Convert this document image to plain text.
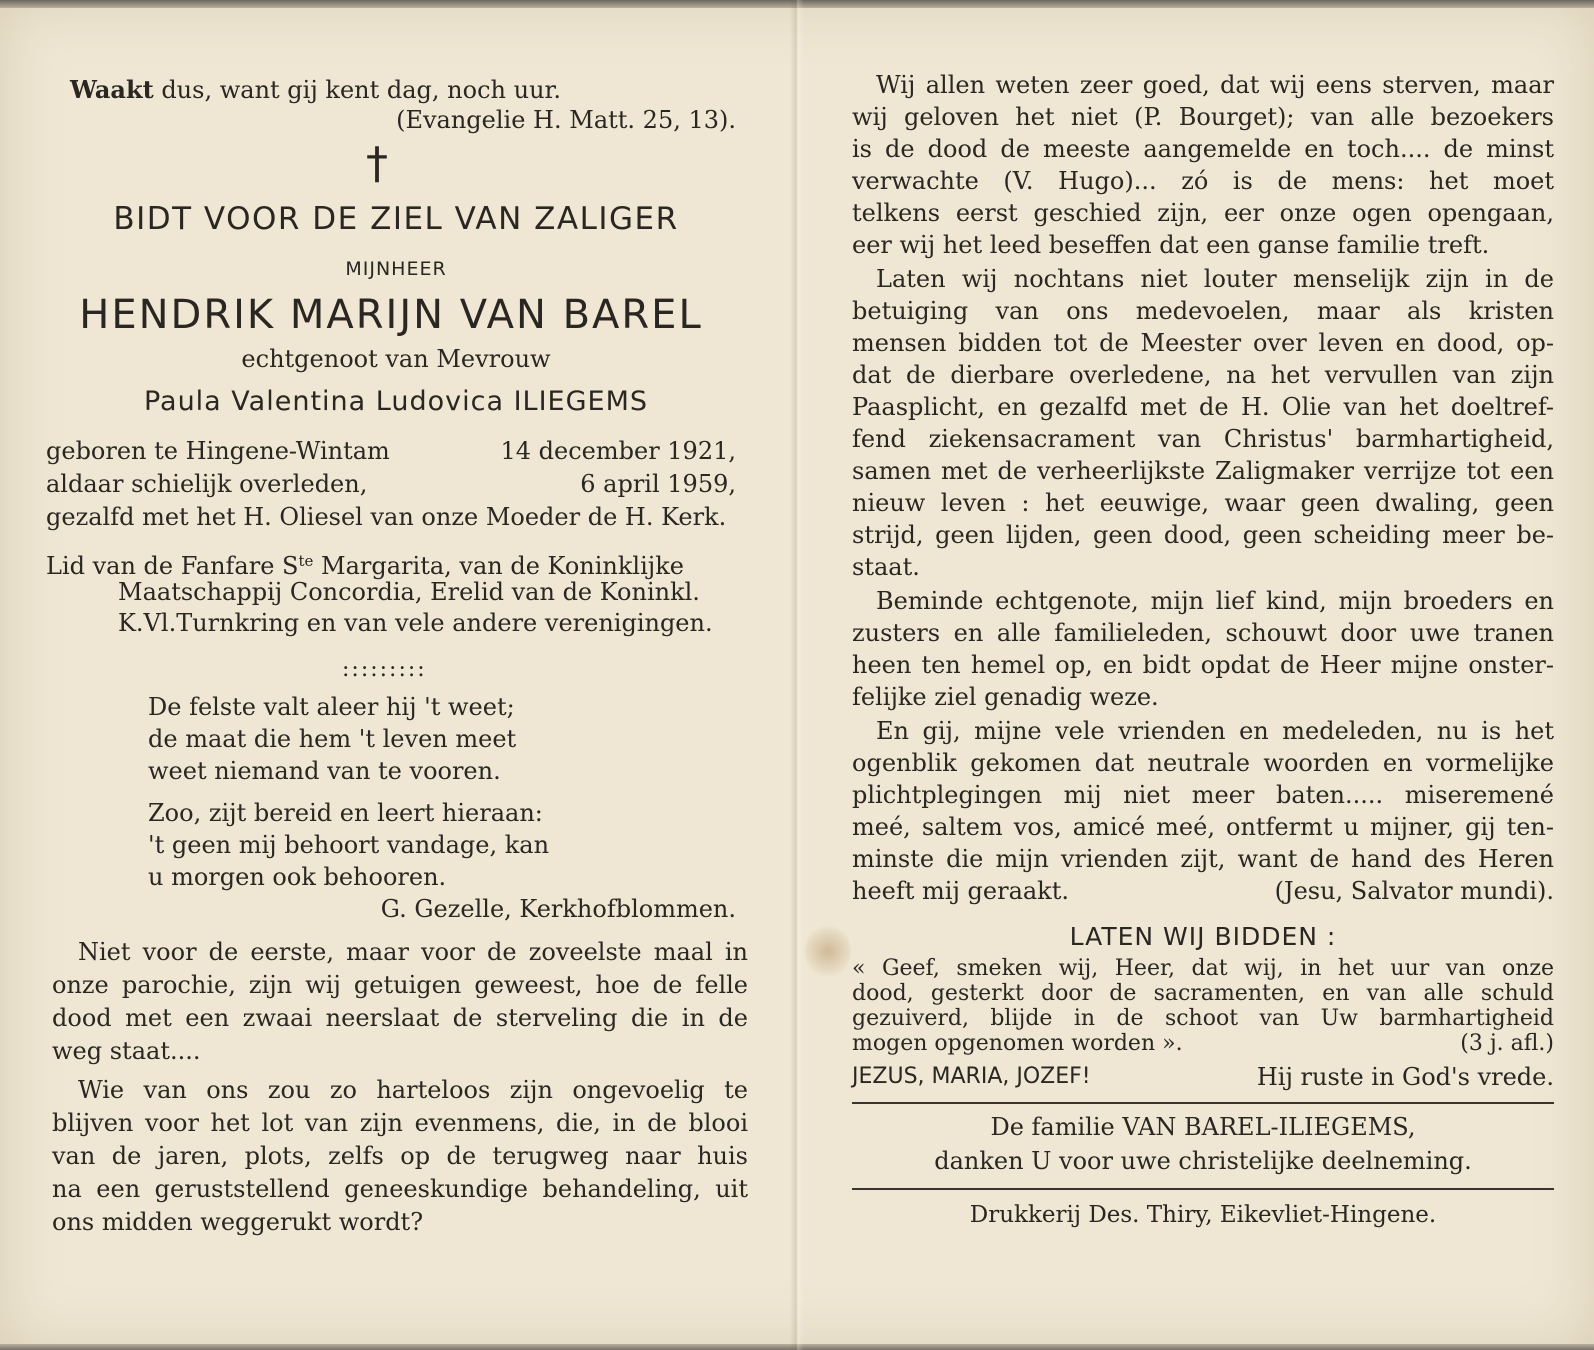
Waakt dus, want gij kent dag, noch uur.
(Evangelie H. Matt. 25, 13).
†
BIDT VOOR DE ZIEL VAN ZALIGER
MIJNHEER
HENDRIK MARIJN VAN BAREL
echtgenoot van Mevrouw
Paula Valentina Ludovica ILIEGEMS
geboren te Hingene-Wintam	14 december 1921,
aldaar schielijk overleden,	6 april 1959,
gezalfd met het H. Oliesel van onze Moeder de H. Kerk.
Lid van de Fanfare $S^{te}$ Margarita, van de Koninklijke
Maatschappij Concordia, Erelid van de Koninkl.
K.Vl.Turnkring en van vele andere verenigingen.
:::::::::
De felste valt aleer hij 't weet;
de maat die hem 't leven meet
weet niemand van te vooren.
Zoo, zijt bereid en leert hieraan:
't geen mij behoort vandage, kan
u morgen ook behooren.
G. Gezelle, Kerkhofblommen.
Niet voor de eerste, maar voor de zoveelste maal in
onze parochie, zijn wij getuigen geweest, hoe de felle
dood met een zwaai neerslaat de sterveling die in de
weg staat....
Wie van ons zou zo harteloos zijn ongevoelig te
blijven voor het lot van zijn evenmens, die, in de blooi
van de jaren, plots, zelfs op de terugweg naar huis
na een geruststellend geneeskundige behandeling, uit
ons midden weggerukt wordt?
Wij allen weten zeer goed, dat wij eens sterven, maar
wij geloven het niet (P. Bourget); van alle bezoekers
is de dood de meeste aangemelde en toch.... de minst
verwachte (V. Hugo)... zó is de mens: het moet
telkens eerst geschied zijn, eer onze ogen opengaan,
eer wij het leed beseffen dat een ganse familie treft.
Laten wij nochtans niet louter menselijk zijn in de
betuiging van ons medevoelen, maar als kristen
mensen bidden tot de Meester over leven en dood, op-
dat de dierbare overledene, na het vervullen van zijn
Paasplicht, en gezalfd met de H. Olie van het doeltref-
fend ziekensacrament van Christus' barmhartigheid,
samen met de verheerlijkste Zaligmaker verrijze tot een
nieuw leven : het eeuwige, waar geen dwaling, geen
strijd, geen lijden, geen dood, geen scheiding meer be-
staat.
Beminde echtgenote, mijn lief kind, mijn broeders en
zusters en alle familieleden, schouwt door uwe tranen
heen ten hemel op, en bidt opdat de Heer mijne onster-
felijke ziel genadig weze.
En gij, mijne vele vrienden en medeleden, nu is het
ogenblik gekomen dat neutrale woorden en vormelijke
plichtplegingen mij niet meer baten..... miseremené
meé, saltem vos, amicé meé, ontfermt u mijner, gij ten-
minste die mijn vrienden zijt, want de hand des Heren
heeft mij geraakt.	(Jesu, Salvator mundi).
LATEN WIJ BIDDEN :
« Geef, smeken wij, Heer, dat wij, in het uur van onze
dood, gesterkt door de sacramenten, en van alle schuld
gezuiverd, blijde in de schoot van Uw barmhartigheid
mogen opgenomen worden ».	(3 j. afl.)
JEZUS, MARIA, JOZEF!	Hij ruste in God's vrede.
De familie VAN BAREL-ILIEGEMS,
danken U voor uwe christelijke deelneming.
Drukkerij Des. Thiry, Eikevliet-Hingene.
